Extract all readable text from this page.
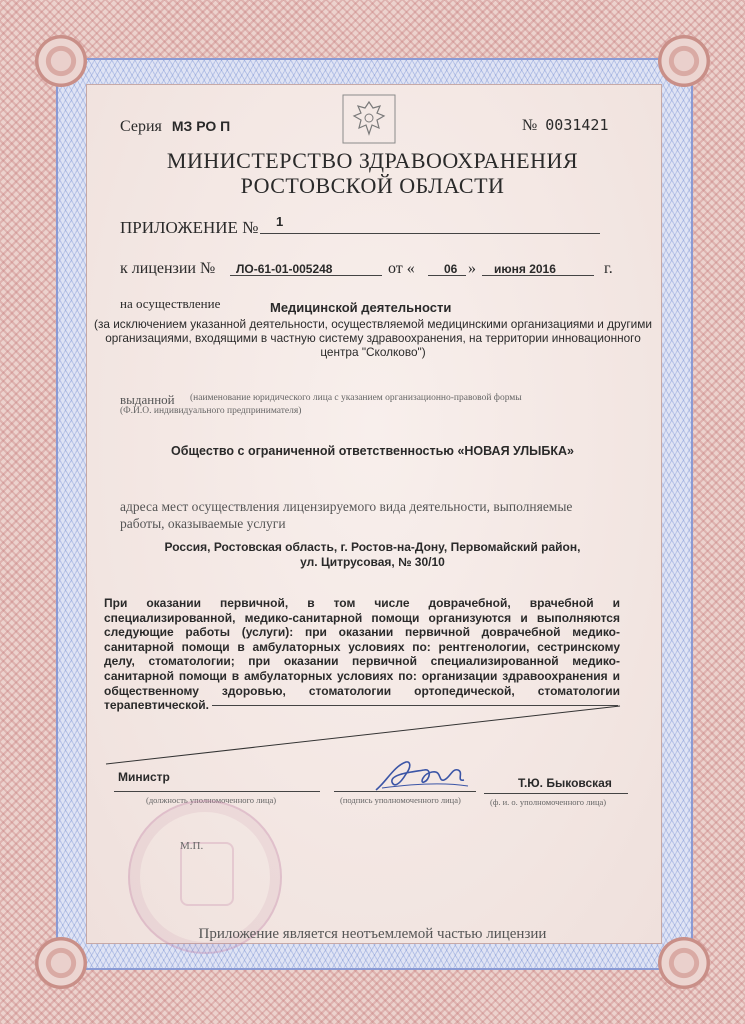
Серия МЗ РО П	№ 0031421
МИНИСТЕРСТВО ЗДРАВООХРАНЕНИЯ
РОСТОВСКОЙ ОБЛАСТИ
ПРИЛОЖЕНИЕ № 1
к лицензии № ЛО-61-01-005248	от « 06 » июня 2016	г.
на осуществление	Медицинской деятельности
(за исключением указанной деятельности, осуществляемой медицинскими организациями и другими организациями, входящими в частную систему здравоохранения, на территории инновационного центра "Сколково")
выданной (наименование юридического лица с указанием организационно-правовой формы
(Ф.И.О. индивидуального предпринимателя)
Общество с ограниченной ответственностью «НОВАЯ УЛЫБКА»
адреса мест осуществления лицензируемого вида деятельности, выполняемые работы, оказываемые услуги
Россия, Ростовская область, г. Ростов-на-Дону, Первомайский район,
ул. Цитрусовая, № 30/10
При оказании первичной, в том числе доврачебной, врачебной и специализированной, медико-санитарной помощи организуются и выполняются следующие работы (услуги): при оказании первичной доврачебной медико-санитарной помощи в амбулаторных условиях по: рентгенологии, сестринскому делу, стоматологии; при оказании первичной специализированной медико-санитарной помощи в амбулаторных условиях по: организации здравоохранения и общественному здоровью, стоматологии ортопедической, стоматологии терапевтической.
Министр
(должность уполномоченного лица)	(подпись уполномоченного лица)
Т.Ю. Быковская
(ф. и. о. уполномоченного лица)
М.П.
Приложение является неотъемлемой частью лицензии
